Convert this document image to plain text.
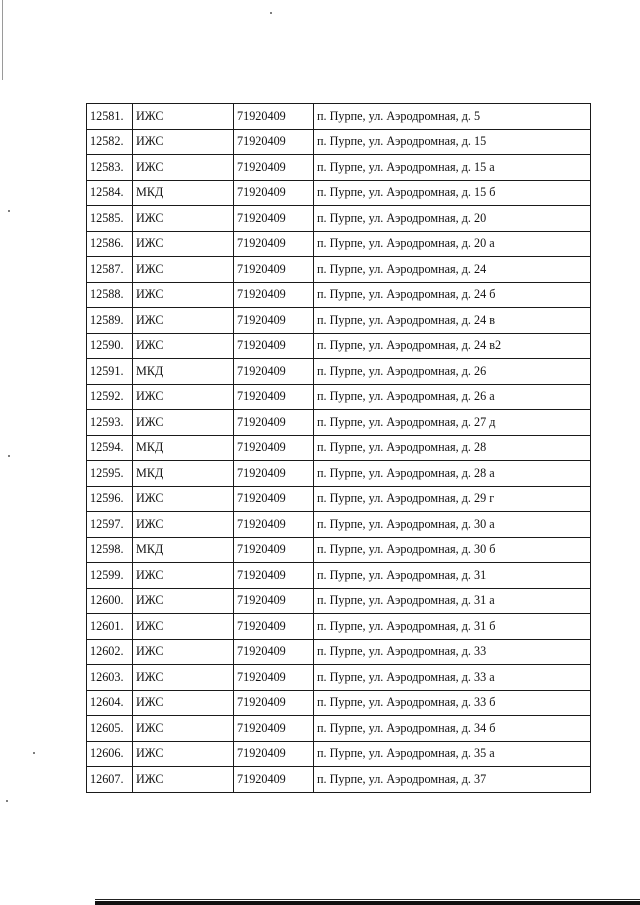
12581.	ИЖС	71920409	п. Пурпе, ул. Аэродромная, д. 5
12582.	ИЖС	71920409	п. Пурпе, ул. Аэродромная, д. 15
12583.	ИЖС	71920409	п. Пурпе, ул. Аэродромная, д. 15 а
12584.	МКД	71920409	п. Пурпе, ул. Аэродромная, д. 15 б
12585.	ИЖС	71920409	п. Пурпе, ул. Аэродромная, д. 20
12586.	ИЖС	71920409	п. Пурпе, ул. Аэродромная, д. 20 а
12587.	ИЖС	71920409	п. Пурпе, ул. Аэродромная, д. 24
12588.	ИЖС	71920409	п. Пурпе, ул. Аэродромная, д. 24 б
12589.	ИЖС	71920409	п. Пурпе, ул. Аэродромная, д. 24 в
12590.	ИЖС	71920409	п. Пурпе, ул. Аэродромная, д. 24 в2
12591.	МКД	71920409	п. Пурпе, ул. Аэродромная, д. 26
12592.	ИЖС	71920409	п. Пурпе, ул. Аэродромная, д. 26 а
12593.	ИЖС	71920409	п. Пурпе, ул. Аэродромная, д. 27 д
12594.	МКД	71920409	п. Пурпе, ул. Аэродромная, д. 28
12595.	МКД	71920409	п. Пурпе, ул. Аэродромная, д. 28 а
12596.	ИЖС	71920409	п. Пурпе, ул. Аэродромная, д. 29 г
12597.	ИЖС	71920409	п. Пурпе, ул. Аэродромная, д. 30 а
12598.	МКД	71920409	п. Пурпе, ул. Аэродромная, д. 30 б
12599.	ИЖС	71920409	п. Пурпе, ул. Аэродромная, д. 31
12600.	ИЖС	71920409	п. Пурпе, ул. Аэродромная, д. 31 а
12601.	ИЖС	71920409	п. Пурпе, ул. Аэродромная, д. 31 б
12602.	ИЖС	71920409	п. Пурпе, ул. Аэродромная, д. 33
12603.	ИЖС	71920409	п. Пурпе, ул. Аэродромная, д. 33 а
12604.	ИЖС	71920409	п. Пурпе, ул. Аэродромная, д. 33 б
12605.	ИЖС	71920409	п. Пурпе, ул. Аэродромная, д. 34 б
12606.	ИЖС	71920409	п. Пурпе, ул. Аэродромная, д. 35 а
12607.	ИЖС	71920409	п. Пурпе, ул. Аэродромная, д. 37
